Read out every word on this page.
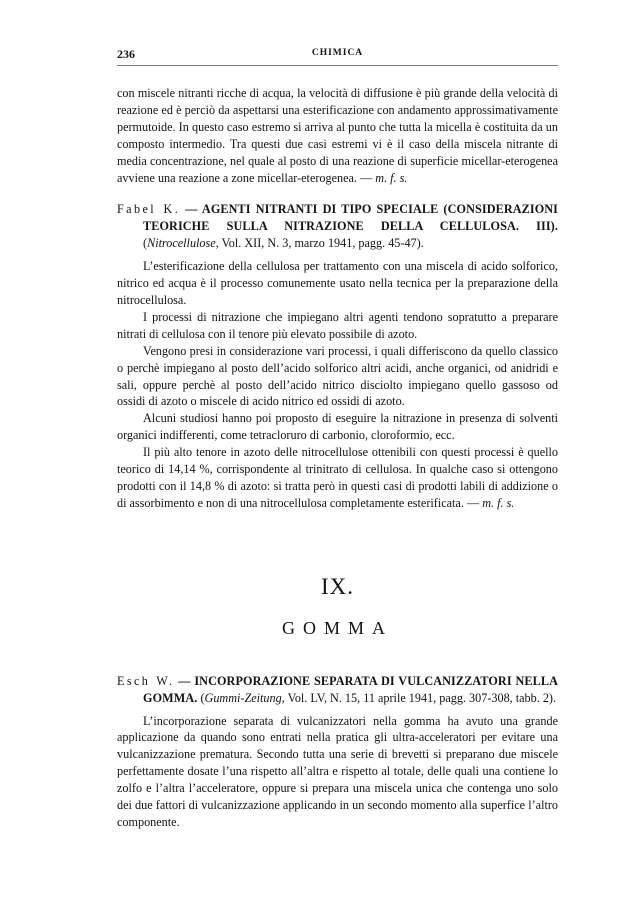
236	CHIMICA

con miscele nitranti ricche di acqua, la velocità di diffusione è più grande della velocità di reazione ed è perciò da aspettarsi una esterificazione con andamento approssimativamente permutoide. In questo caso estremo si arriva al punto che tutta la micella è costituita da un composto intermedio. Tra questi due casi estremi vi è il caso della miscela nitrante di media concentrazione, nel quale al posto di una reazione di superficie micellar-eterogenea avviene una reazione a zone micellar-eterogenea. — m. f. s.

Fabel K. — AGENTI NITRANTI DI TIPO SPECIALE (CONSIDERAZIONI TEORICHE SULLA NITRAZIONE DELLA CELLULOSA. III). (Nitrocellulose, Vol. XII, N. 3, marzo 1941, pagg. 45-47).

L’esterificazione della cellulosa per trattamento con una miscela di acido solforico, nitrico ed acqua è il processo comunemente usato nella tecnica per la preparazione della nitrocellulosa.

I processi di nitrazione che impiegano altri agenti tendono sopratutto a preparare nitrati di cellulosa con il tenore più elevato possibile di azoto.

Vengono presi in considerazione vari processi, i quali differiscono da quello classico o perchè impiegano al posto dell’acido solforico altri acidi, anche organici, od anidridi e sali, oppure perchè al posto dell’acido nitrico disciolto impiegano quello gassoso od ossidi di azoto o miscele di acido nitrico ed ossidi di azoto.

Alcuni studiosi hanno poi proposto di eseguire la nitrazione in presenza di solventi organici indifferenti, come tetracloruro di carbonio, cloroformio, ecc.

Il più alto tenore in azoto delle nitrocellulose ottenibili con questi processi è quello teorico di 14,14 %, corrispondente al trinitrato di cellulosa. In qualche caso si ottengono prodotti con il 14,8 % di azoto: si tratta però in questi casi di prodotti labili di addizione o di assorbimento e non di una nitrocellulosa completamente esterificata. — m. f. s.

IX.
GOMMA

Esch W. — INCORPORAZIONE SEPARATA DI VULCANIZZATORI NELLA GOMMA. (Gummi-Zeitung, Vol. LV, N. 15, 11 aprile 1941, pagg. 307-308, tabb. 2).

L’incorporazione separata di vulcanizzatori nella gomma ha avuto una grande applicazione da quando sono entrati nella pratica gli ultra-acceleratori per evitare una vulcanizzazione prematura. Secondo tutta una serie di brevetti si preparano due miscele perfettamente dosate l’una rispetto all’altra e rispetto al totale, delle quali una contiene lo zolfo e l’altra l’acceleratore, oppure si prepara una miscela unica che contenga uno solo dei due fattori di vulcanizzazione applicando in un secondo momento alla superfice l’altro componente.
